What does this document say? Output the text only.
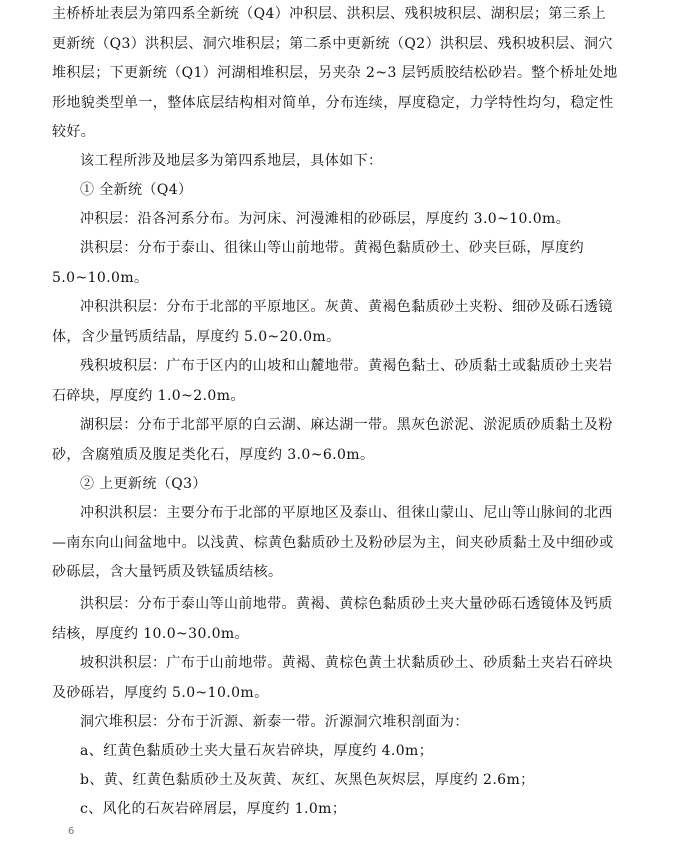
主桥桥址表层为第四系全新统（Q4）冲积层、洪积层、残积坡积层、湖积层；第三系上更新统（Q3）洪积层、洞穴堆积层；第二系中更新统（Q2）洪积层、残积坡积层、洞穴堆积层；下更新统（Q1）河湖相堆积层，另夹杂 2~3 层钙质胶结松砂岩。整个桥址处地形地貌类型单一，整体底层结构相对简单，分布连续，厚度稳定，力学特性均匀，稳定性较好。

该工程所涉及地层多为第四系地层，具体如下：

① 全新统（Q4）

冲积层：沿各河系分布。为河床、河漫滩相的砂砾层，厚度约 3.0~10.0m。

洪积层：分布于泰山、徂徕山等山前地带。黄褐色黏质砂土、砂夹巨砾，厚度约 5.0~10.0m。

冲积洪积层：分布于北部的平原地区。灰黄、黄褐色黏质砂土夹粉、细砂及砾石透镜体，含少量钙质结晶，厚度约 5.0~20.0m。

残积坡积层：广布于区内的山坡和山麓地带。黄褐色黏土、砂质黏土或黏质砂土夹岩石碎块，厚度约 1.0~2.0m。

湖积层：分布于北部平原的白云湖、麻达湖一带。黑灰色淤泥、淤泥质砂质黏土及粉砂，含腐殖质及腹足类化石，厚度约 3.0~6.0m。

② 上更新统（Q3）

冲积洪积层：主要分布于北部的平原地区及泰山、徂徕山蒙山、尼山等山脉间的北西—南东向山间盆地中。以浅黄、棕黄色黏质砂土及粉砂层为主，间夹砂质黏土及中细砂或砂砾层，含大量钙质及铁锰质结核。

洪积层：分布于泰山等山前地带。黄褐、黄棕色黏质砂土夹大量砂砾石透镜体及钙质结核，厚度约 10.0~30.0m。

坡积洪积层：广布于山前地带。黄褐、黄棕色黄土状黏质砂土、砂质黏土夹岩石碎块及砂砾岩，厚度约 5.0~10.0m。

洞穴堆积层：分布于沂源、新泰一带。沂源洞穴堆积剖面为：

a、红黄色黏质砂土夹大量石灰岩碎块，厚度约 4.0m；

b、黄、红黄色黏质砂土及灰黄、灰红、灰黑色灰烬层，厚度约 2.6m；

c、风化的石灰岩碎屑层，厚度约 1.0m；

6
